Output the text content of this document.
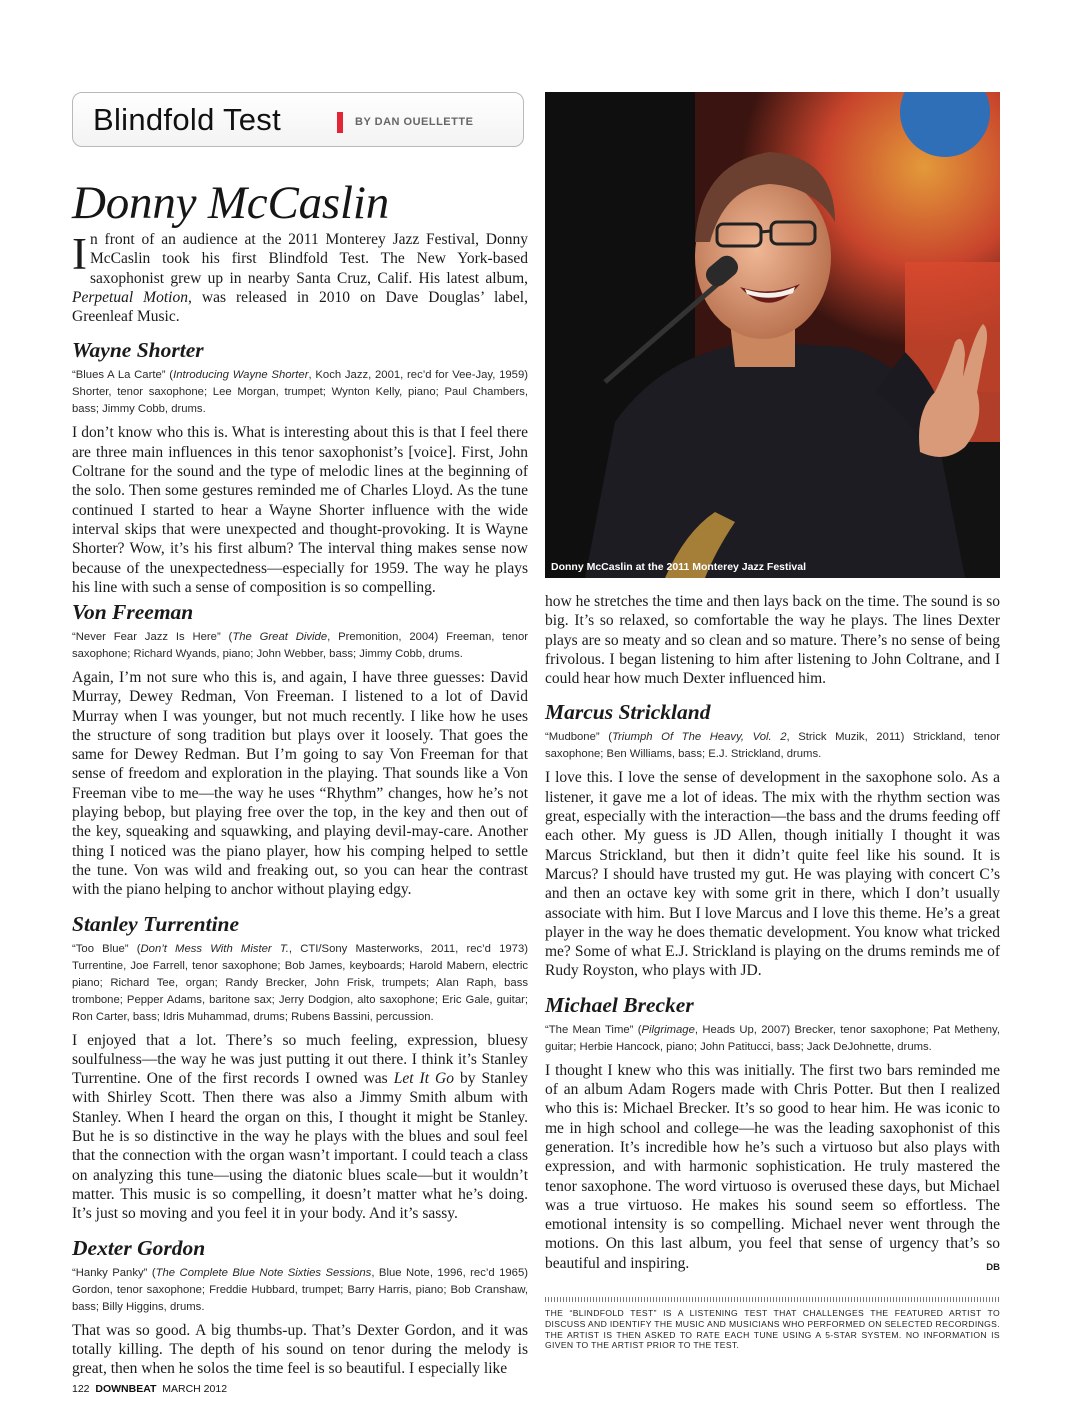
Blindfold Test	BY DAN OUELLETTE
Donny McCaslin

In front of an audience at the 2011 Monterey Jazz Festival, Donny McCaslin took his first Blindfold Test. The New York-based saxophonist grew up in nearby Santa Cruz, Calif. His latest album, Perpetual Motion, was released in 2010 on Dave Douglas’ label, Greenleaf Music.

Wayne Shorter

“Blues A La Carte” (Introducing Wayne Shorter, Koch Jazz, 2001, rec’d for Vee-Jay, 1959) Shorter, tenor saxophone; Lee Morgan, trumpet; Wynton Kelly, piano; Paul Chambers, bass; Jimmy Cobb, drums.

I don’t know who this is. What is interesting about this is that I feel there are three main influences in this tenor saxophonist’s [voice]. First, John Coltrane for the sound and the type of melodic lines at the beginning of the solo. Then some gestures reminded me of Charles Lloyd. As the tune continued I started to hear a Wayne Shorter influence with the wide interval skips that were unexpected and thought-provoking. It is Wayne Shorter? Wow, it’s his first album? The interval thing makes sense now because of the unexpectedness—especially for 1959. The way he plays his line with such a sense of composition is so compelling.

Donny McCaslin at the 2011 Monterey Jazz Festival
Von Freeman

“Never Fear Jazz Is Here” (The Great Divide, Premonition, 2004) Freeman, tenor saxophone; Richard Wyands, piano; John Webber, bass; Jimmy Cobb, drums.

Again, I’m not sure who this is, and again, I have three guesses: David Murray, Dewey Redman, Von Freeman. I listened to a lot of David Murray when I was younger, but not much recently. I like how he uses the structure of song tradition but plays over it loosely. That goes the same for Dewey Redman. But I’m going to say Von Freeman for that sense of freedom and exploration in the playing. That sounds like a Von Freeman vibe to me—the way he uses “Rhythm” changes, how he’s not playing bebop, but playing free over the top, in the key and then out of the key, squeaking and squawking, and playing devil-may-care. Another thing I noticed was the piano player, how his comping helped to settle the tune. Von was wild and freaking out, so you can hear the contrast with the piano helping to anchor without playing edgy.

Stanley Turrentine

“Too Blue” (Don’t Mess With Mister T., CTI/Sony Masterworks, 2011, rec’d 1973) Turrentine, Joe Farrell, tenor saxophone; Bob James, keyboards; Harold Mabern, electric piano; Richard Tee, organ; Randy Brecker, John Frisk, trumpets; Alan Raph, bass trombone; Pepper Adams, baritone sax; Jerry Dodgion, alto saxophone; Eric Gale, guitar; Ron Carter, bass; Idris Muhammad, drums; Rubens Bassini, percussion.

I enjoyed that a lot. There’s so much feeling, expression, bluesy soulfulness—the way he was just putting it out there. I think it’s Stanley Turrentine. One of the first records I owned was Let It Go by Stanley with Shirley Scott. Then there was also a Jimmy Smith album with Stanley. When I heard the organ on this, I thought it might be Stanley. But he is so distinctive in the way he plays with the blues and soul feel that the connection with the organ wasn’t important. I could teach a class on analyzing this tune—using the diatonic blues scale—but it wouldn’t matter. This music is so compelling, it doesn’t matter what he’s doing. It’s just so moving and you feel it in your body. And it’s sassy.

Dexter Gordon

“Hanky Panky” (The Complete Blue Note Sixties Sessions, Blue Note, 1996, rec’d 1965) Gordon, tenor saxophone; Freddie Hubbard, trumpet; Barry Harris, piano; Bob Cranshaw, bass; Billy Higgins, drums.

That was so good. A big thumbs-up. That’s Dexter Gordon, and it was totally killing. The depth of his sound on tenor during the melody is great, then when he solos the time feel is so beautiful. I especially like

how he stretches the time and then lays back on the time. The sound is so big. It’s so relaxed, so comfortable the way he plays. The lines Dexter plays are so meaty and so clean and so mature. There’s no sense of being frivolous. I began listening to him after listening to John Coltrane, and I could hear how much Dexter influenced him.

Marcus Strickland

“Mudbone” (Triumph Of The Heavy, Vol. 2, Strick Muzik, 2011) Strickland, tenor saxophone; Ben Williams, bass; E.J. Strickland, drums.

I love this. I love the sense of development in the saxophone solo. As a listener, it gave me a lot of ideas. The mix with the rhythm section was great, especially with the interaction—the bass and the drums feeding off each other. My guess is JD Allen, though initially I thought it was Marcus Strickland, but then it didn’t quite feel like his sound. It is Marcus? I should have trusted my gut. He was playing with concert C’s and then an octave key with some grit in there, which I don’t usually associate with him. But I love Marcus and I love this theme. He’s a great player in the way he does thematic development. You know what tricked me? Some of what E.J. Strickland is playing on the drums reminds me of Rudy Royston, who plays with JD.

Michael Brecker

“The Mean Time” (Pilgrimage, Heads Up, 2007) Brecker, tenor saxophone; Pat Metheny, guitar; Herbie Hancock, piano; John Patitucci, bass; Jack DeJohnette, drums.

I thought I knew who this was initially. The first two bars reminded me of an album Adam Rogers made with Chris Potter. But then I realized who this is: Michael Brecker. It’s so good to hear him. He was iconic to me in high school and college—he was the leading saxophonist of this generation. It’s incredible how he’s such a virtuoso but also plays with expression, and with harmonic sophistication. He truly mastered the tenor saxophone. The word virtuoso is overused these days, but Michael was a true virtuoso. He makes his sound seem so effortless. The emotional intensity is so compelling. Michael never went through the motions. On this last album, you feel that sense of urgency that’s so beautiful and inspiring.	DB

THE “BLINDFOLD TEST” IS A LISTENING TEST THAT CHALLENGES THE FEATURED ARTIST TO DISCUSS AND IDENTIFY THE MUSIC AND MUSICIANS WHO PERFORMED ON SELECTED RECORDINGS. THE ARTIST IS THEN ASKED TO RATE EACH TUNE USING A 5-STAR SYSTEM. NO INFORMATION IS GIVEN TO THE ARTIST PRIOR TO THE TEST.
122 DOWNBEAT MARCH 2012
